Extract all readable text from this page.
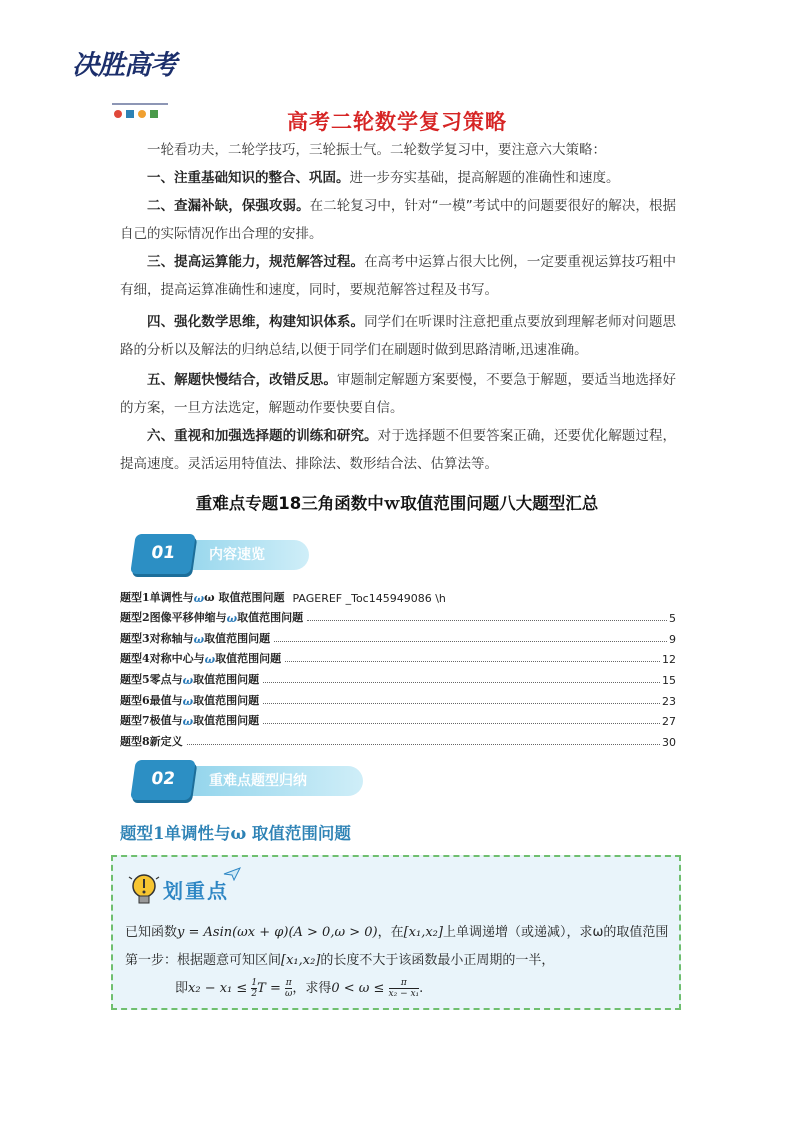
决胜高考
高考二轮数学复习策略
一轮看功夫，二轮学技巧，三轮振士气。二轮数学复习中，要注意六大策略：
一、注重基础知识的整合、巩固。进一步夯实基础，提高解题的准确性和速度。
二、查漏补缺，保强攻弱。在二轮复习中，针对“一模”考试中的问题要很好的解决，根据自己的实际情况作出合理的安排。
三、提高运算能力，规范解答过程。在高考中运算占很大比例，一定要重视运算技巧粗中有细，提高运算准确性和速度，同时，要规范解答过程及书写。
四、强化数学思维，构建知识体系。同学们在听课时注意把重点要放到理解老师对问题思路的分析以及解法的归纳总结,以便于同学们在刷题时做到思路清晰,迅速准确。
五、解题快慢结合，改错反思。审题制定解题方案要慢，不要急于解题，要适当地选择好的方案，一旦方法选定，解题动作要快要自信。
六、重视和加强选择题的训练和研究。对于选择题不但要答案正确，还要优化解题过程，提高速度。灵活运用特值法、排除法、数形结合法、估算法等。
重难点专题18三角函数中ｗ取值范围问题八大题型汇总
01	内容速览
题型1单调性与 ω ω 取值范围问题 PAGEREF _Toc145949086 \h
题型2图像平移伸缩与 ω 取值范围问题	5
题型3对称轴与 ω 取值范围问题	9
题型4对称中心与 ω 取值范围问题	12
题型5零点与 ω 取值范围问题	15
题型6最值与 ω 取值范围问题	23
题型7极值与 ω 取值范围问题	27
题型8新定义	30
02	重难点题型归纳
题型1单调性与ω 取值范围问题
划重点
已知函数y = Asin(ωx + φ)(A > 0,ω > 0)，在[x₁,x₂]上单调递增（或递减），求ω的取值范围
第一步：根据题意可知区间[x₁,x₂]的长度不大于该函数最小正周期的一半，
即$x_2 - x_1 \le \frac{1}{2}$ $T = \frac{\pi}{\omega}$ ，求得$0 < \omega \le \frac{\pi}{\text{x₂ − x₁}}$ .
